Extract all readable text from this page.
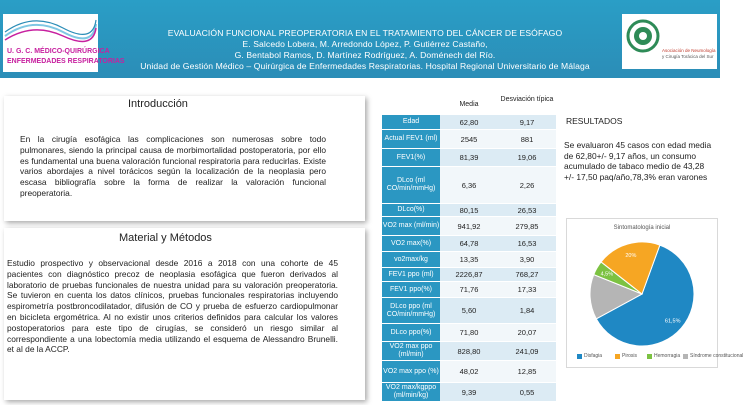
U. G. C. MÉDICO-QUIRÚRGICA
ENFERMEDADES RESPIRATORIAS
EVALUACIÓN FUNCIONAL PREOPERATORIA EN EL TRATAMIENTO DEL CÁNCER DE ESÓFAGO
E. Salcedo Lobera, M. Arredondo López, P. Gutiérrez Castaño,
G. Bentabol Ramos, D. Martínez Rodríguez, A. Doménech del Río.
Unidad de Gestión Médico – Quirúrgica de Enfermedades Respiratorias. Hospital Regional Universitario de Málaga
Asociación de Neumología
y Cirugía Torácica del Sur
Introducción
En la cirugía esofágica las complicaciones son numerosas sobre todo pulmonares, siendo la principal causa de morbimortalidad postoperatoria, por ello es fundamental una buena valoración funcional respiratoria para reducirlas. Existe varios abordajes a nivel torácicos según la localización de la neoplasia pero escasa bibliografía sobre la forma de realizar la valoración funcional preoperatoria.
Material y Métodos
Estudio prospectivo y observacional desde 2016 a 2018 con una cohorte de 45 pacientes con diagnóstico precoz de neoplasia esofágica que fueron derivados al laboratorio de pruebas funcionales de nuestra unidad para su valoración preoperatoria. Se tuvieron en cuenta los datos clínicos, pruebas funcionales respiratorias incluyendo espirometría postbroncodilatador, difusión de CO y prueba de esfuerzo cardiopulmonar en bicicleta ergométrica. Al no existir unos criterios definidos para calcular los valores postoperatorios para este tipo de cirugías, se consideró un riesgo similar al correspondiente a una lobectomía media utilizando el esquema de Alessandro Brunelli. et al de la ACCP.
Media
Desviación típica
Edad	62,80	9,17
Actual FEV1 (ml)	2545	881
FEV1(%)	81,39	19,06
DLco (ml CO/min/mmHg)	6,36	2,26
DLco(%)	80,15	26,53
VO2 max (ml/min)	941,92	279,85
VO2 max(%)	64,78	16,53
vo2max/kg	13,35	3,90
FEV1 ppo (ml)	2226,87	768,27
FEV1 ppo(%)	71,76	17,33
DLco ppo (ml CO/min/mmHg)	5,60	1,84
DLco ppo(%)	71,80	20,07
VO2 max ppo (ml/min)	828,80	241,09
VO2 max ppo (%)	48,02	12,85
VO2 max/kgppo (ml/min/kg)	9,39	0,55
RESULTADOS
Se evaluaron 45 casos con edad media de 62,80+/- 9,17 años, un consumo acumulado de tabaco medio de 43,28 +/- 17,50 paq/año,78,3% eran varones
Sintomatología inicial
61,5%
4,5%
20%
Disfagia	Pirosis	Hemorragia Síndrome constitucional
